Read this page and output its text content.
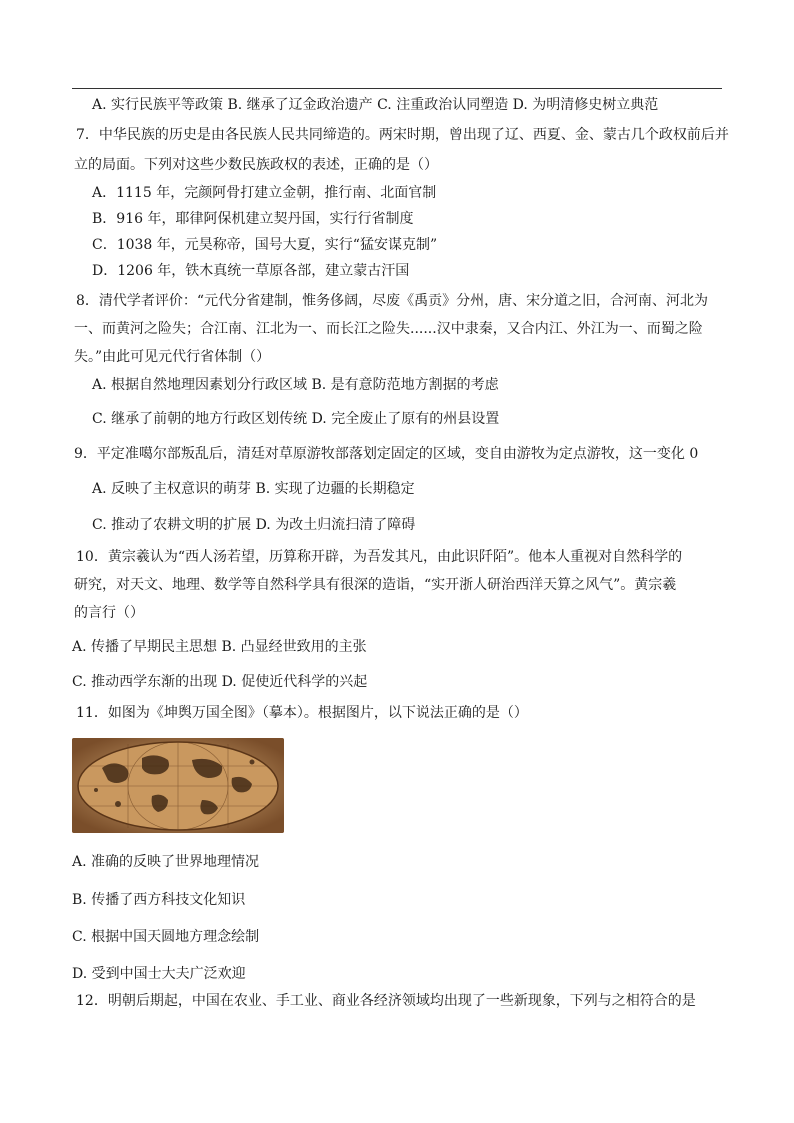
A. 实行民族平等政策 B. 继承了辽金政治遗产 C. 注重政治认同塑造 D. 为明清修史树立典范
7．中华民族的历史是由各民族人民共同缔造的。两宋时期，曾出现了辽、西夏、金、蒙古几个政权前后并
立的局面。下列对这些少数民族政权的表述，正确的是（）
A．1115 年，完颜阿骨打建立金朝，推行南、北面官制
B．916 年，耶律阿保机建立契丹国，实行行省制度
C．1038 年，元昊称帝，国号大夏，实行“猛安谋克制”
D．1206 年，铁木真统一草原各部，建立蒙古汗国
8．清代学者评价：“元代分省建制，惟务侈阔，尽废《禹贡》分州，唐、宋分道之旧，合河南、河北为
一、而黄河之险失；合江南、江北为一、而长江之险失......汉中隶秦，又合内江、外江为一、而蜀之险
失。”由此可见元代行省体制（）
A. 根据自然地理因素划分行政区域 B. 是有意防范地方割据的考虑
C. 继承了前朝的地方行政区划传统 D. 完全废止了原有的州县设置
9．平定准噶尔部叛乱后，清廷对草原游牧部落划定固定的区域，变自由游牧为定点游牧，这一变化 0
A. 反映了主权意识的萌芽 B. 实现了边疆的长期稳定
C. 推动了农耕文明的扩展 D. 为改土归流扫清了障碍
10．黄宗羲认为“西人汤若望，历算称开辟，为吾发其凡，由此识阡陌”。他本人重视对自然科学的
研究，对天文、地理、数学等自然科学具有很深的造诣，“实开浙人研治西洋天算之风气”。黄宗羲
的言行（）
A. 传播了早期民主思想 B. 凸显经世致用的主张
C. 推动西学东渐的出现 D. 促使近代科学的兴起
11．如图为《坤舆万国全图》（摹本）。根据图片，以下说法正确的是（）
A. 准确的反映了世界地理情况
B. 传播了西方科技文化知识
C. 根据中国天圆地方理念绘制
D. 受到中国士大夫广泛欢迎
12．明朝后期起，中国在农业、手工业、商业各经济领域均出现了一些新现象，下列与之相符合的是
